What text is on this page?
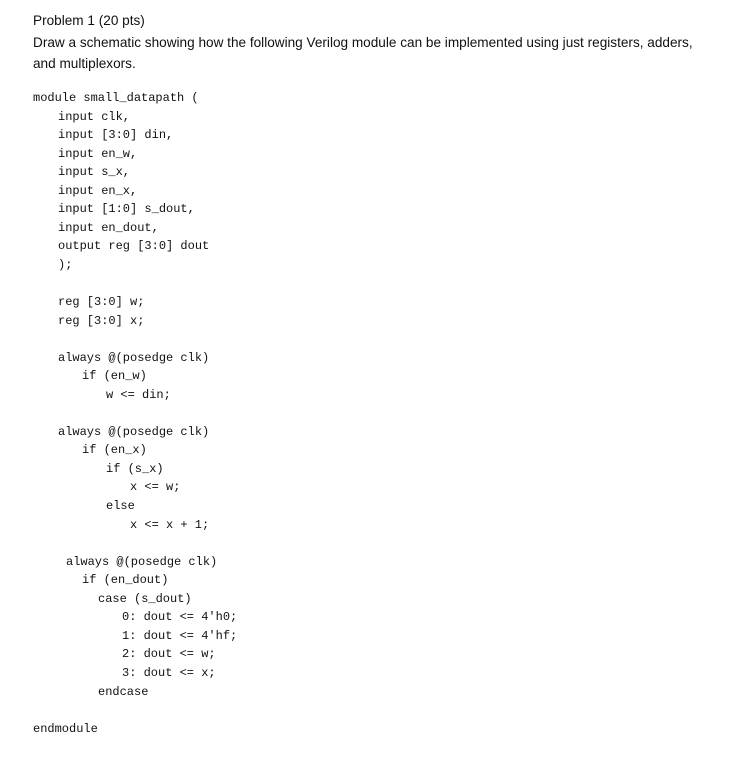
Problem 1 (20 pts)
Draw a schematic showing how the following Verilog module can be implemented using just registers, adders,
and multiplexors.
module small_datapath (
input clk,
input [3:0] din,
input en_w,
input s_x,
input en_x,
input [1:0] s_dout,
input en_dout,
output reg [3:0] dout
);
reg [3:0] w;
reg [3:0] x;
always @(posedge clk)
if (en_w)
w <= din;
always @(posedge clk)
if (en_x)
if (s_x)
x <= w;
else
x <= x + 1;
always @(posedge clk)
if (en_dout)
case (s_dout)
0: dout <= 4'h0;
1: dout <= 4'hf;
2: dout <= w;
3: dout <= x;
endcase
endmodule
